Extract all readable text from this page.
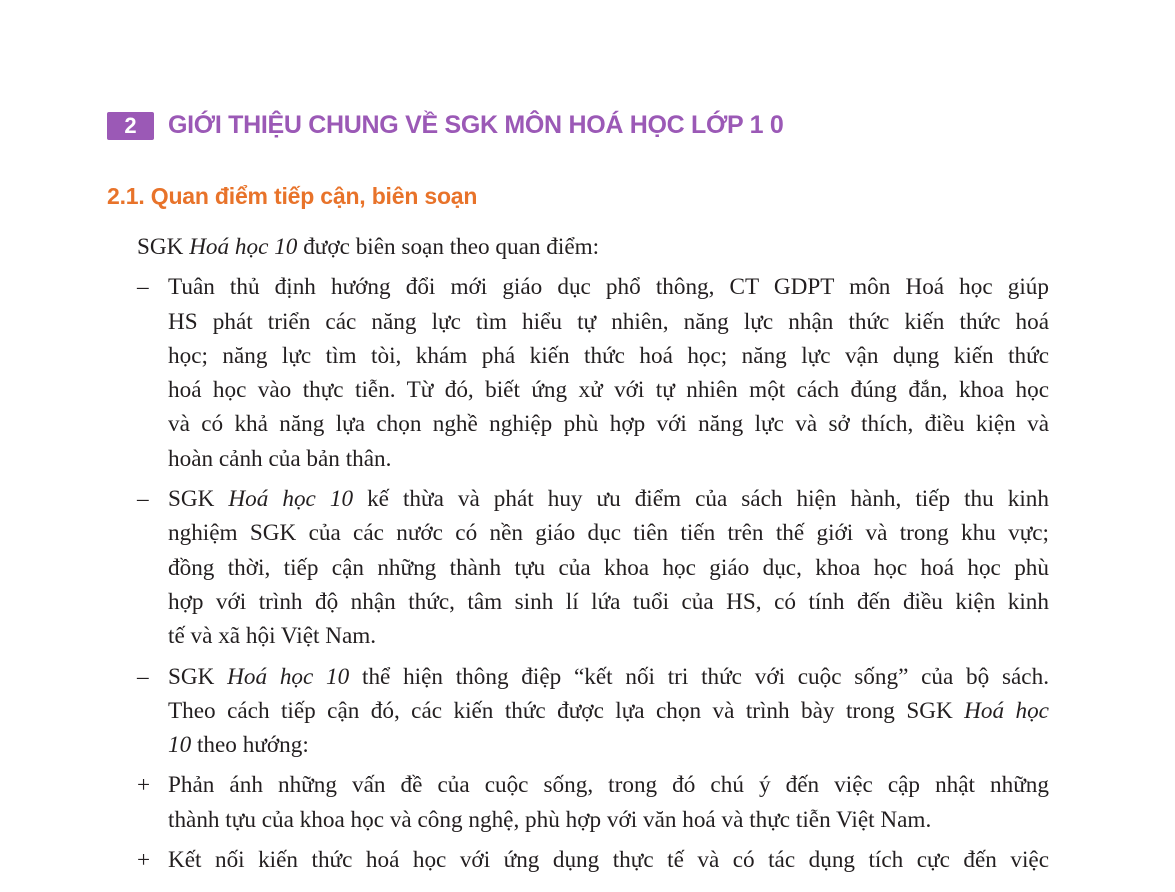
2	GIỚI THIỆU CHUNG VỀ SGK MÔN HOÁ HỌC LỚP 1 0
2.1. Quan điểm tiếp cận, biên soạn
SGK Hoá học 10 được biên soạn theo quan điểm:
– Tuân thủ định hướng đổi mới giáo dục phổ thông, CT GDPT môn Hoá học giúp
HS phát triển các năng lực tìm hiểu tự nhiên, năng lực nhận thức kiến thức hoá
học; năng lực tìm tòi, khám phá kiến thức hoá học; năng lực vận dụng kiến thức
hoá học vào thực tiễn. Từ đó, biết ứng xử với tự nhiên một cách đúng đắn, khoa học
và có khả năng lựa chọn nghề nghiệp phù hợp với năng lực và sở thích, điều kiện và
hoàn cảnh của bản thân.
– SGK Hoá học 10 kế thừa và phát huy ưu điểm của sách hiện hành, tiếp thu kinh
nghiệm SGK của các nước có nền giáo dục tiên tiến trên thế giới và trong khu vực;
đồng thời, tiếp cận những thành tựu của khoa học giáo dục, khoa học hoá học phù
hợp với trình độ nhận thức, tâm sinh lí lứa tuổi của HS, có tính đến điều kiện kinh
tế và xã hội Việt Nam.
– SGK Hoá học 10 thể hiện thông điệp “kết nối tri thức với cuộc sống” của bộ sách.
Theo cách tiếp cận đó, các kiến thức được lựa chọn và trình bày trong SGK Hoá học
10 theo hướng:
+ Phản ánh những vấn đề của cuộc sống, trong đó chú ý đến việc cập nhật những
thành tựu của khoa học và công nghệ, phù hợp với văn hoá và thực tiễn Việt Nam.
+ Kết nối kiến thức hoá học với ứng dụng thực tế và có tác dụng tích cực đến việc
